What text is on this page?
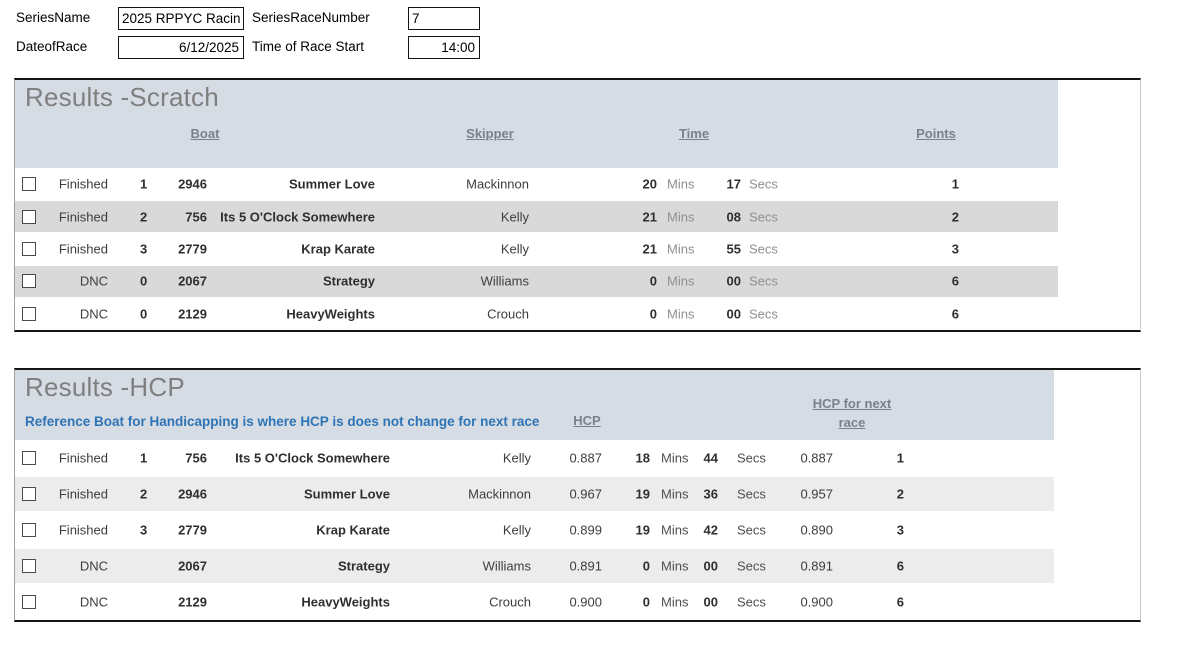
SeriesName 2025 RPPYC Racin SeriesRaceNumber	7
DateofRace	6/12/2025 Time of Race Start	14:00
Results -Scratch
Boat	Skipper	Time	Points
Finished 1	2946	Summer Love	Mackinnon	20 Mins	17 Secs	1
Finished 2	756	Its 5 O'Clock Somewhere	Kelly	21 Mins	08 Secs	2
Finished 3	2779	Krap Karate	Kelly	21 Mins	55 Secs	3
DNC 0	2067	Strategy	Williams	0 Mins	00 Secs	6
DNC 0	2129	HeavyWeights	Crouch	0 Mins	00 Secs	6
Results -HCP
Reference Boat for Handicapping is where HCP is does not change for next race	HCP
HCP for next
race
Finished 1	756	Its 5 O'Clock Somewhere	Kelly	0.887	18 Mins	44 Secs	0.887	1
Finished 2	2946	Summer Love	Mackinnon	0.967	19 Mins	36 Secs	0.957	2
Finished 3	2779	Krap Karate	Kelly	0.899	19 Mins	42 Secs	0.890	3
DNC	2067	Strategy	Williams	0.891	0 Mins	00 Secs	0.891	6
DNC	2129	HeavyWeights	Crouch	0.900	0 Mins	00 Secs	0.900	6
